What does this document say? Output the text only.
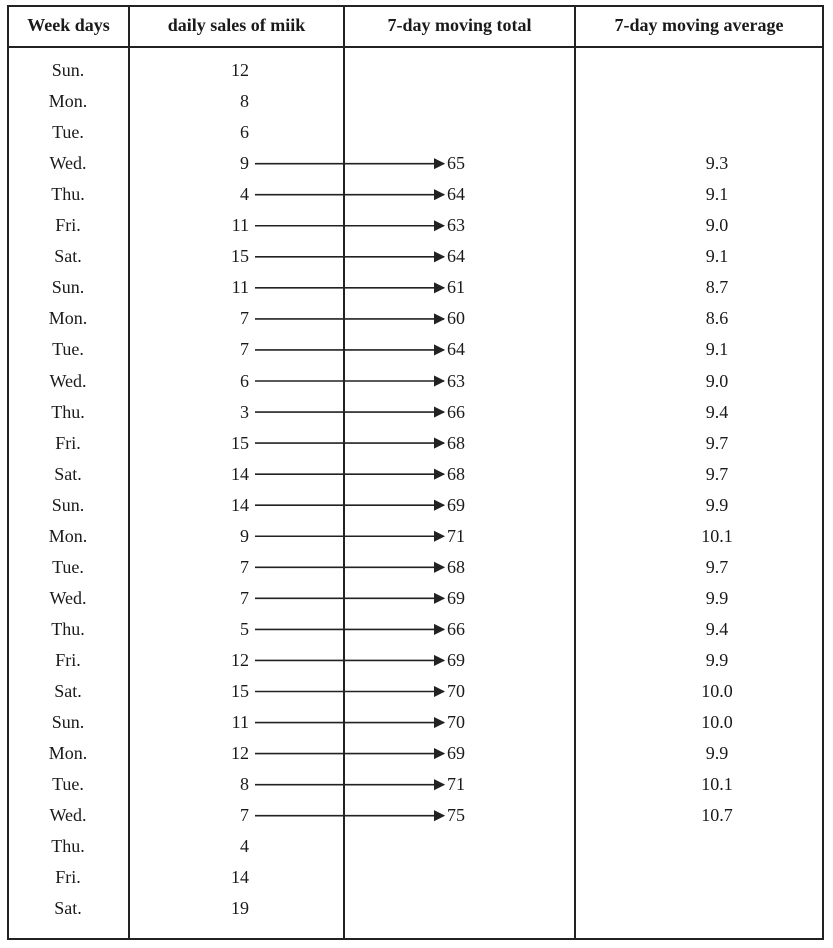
Week days	daily sales of miik	7-day moving total	7-day moving average
Sun.	12
Mon.	8
Tue.	6
Wed.	9	65	9.3
Thu.	4	64	9.1
Fri.	11	63	9.0
Sat.	15	64	9.1
Sun.	11	61	8.7
Mon.	7	60	8.6
Tue.	7	64	9.1
Wed.	6	63	9.0
Thu.	3	66	9.4
Fri.	15	68	9.7
Sat.	14	68	9.7
Sun.	14	69	9.9
Mon.	9	71	10.1
Tue.	7	68	9.7
Wed.	7	69	9.9
Thu.	5	66	9.4
Fri.	12	69	9.9
Sat.	15	70	10.0
Sun.	11	70	10.0
Mon.	12	69	9.9
Tue.	8	71	10.1
Wed.	7	75	10.7
Thu.	4
Fri.	14
Sat.	19
